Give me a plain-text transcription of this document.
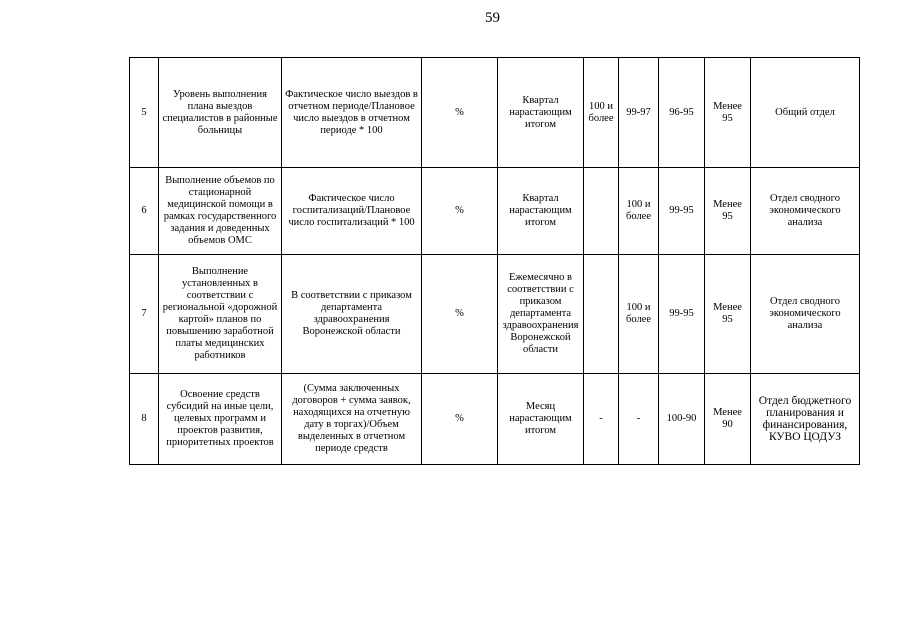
59
5	Уровень выполнения плана выездов специалистов в районные больницы	Фактическое число выездов в отчетном периоде/Плановое число выездов в отчетном периоде * 100	%	Квартал нарастающим итогом	100 и более	99-97	96-95	Менее 95	Общий отдел
6	Выполнение объемов по стационарной медицинской помощи в рамках государственного задания и доведенных объемов ОМС	Фактическое число госпитализаций/Плановое число госпитализаций * 100	%	Квартал нарастающим итогом		100 и более	99-95	Менее 95	Отдел сводного экономического анализа
7	Выполнение установленных в соответствии с региональной «дорожной картой» планов по повышению заработной платы медицинских работников	В соответствии с приказом департамента здравоохранения Воронежской области	%	Ежемесячно в соответствии с приказом департамента здравоохранения Воронежской области		100 и более	99-95	Менее 95	Отдел сводного экономического анализа
8	Освоение средств субсидий на иные цели, целевых программ и проектов развития, приоритетных проектов	(Сумма заключенных договоров + сумма заявок, находящихся на отчетную дату в торгах)/Объем выделенных в отчетном периоде средств	%	Месяц нарастающим итогом	-	-	100-90	Менее 90	Отдел бюджетного планирования и финансирования, КУВО ЦОДУЗ
